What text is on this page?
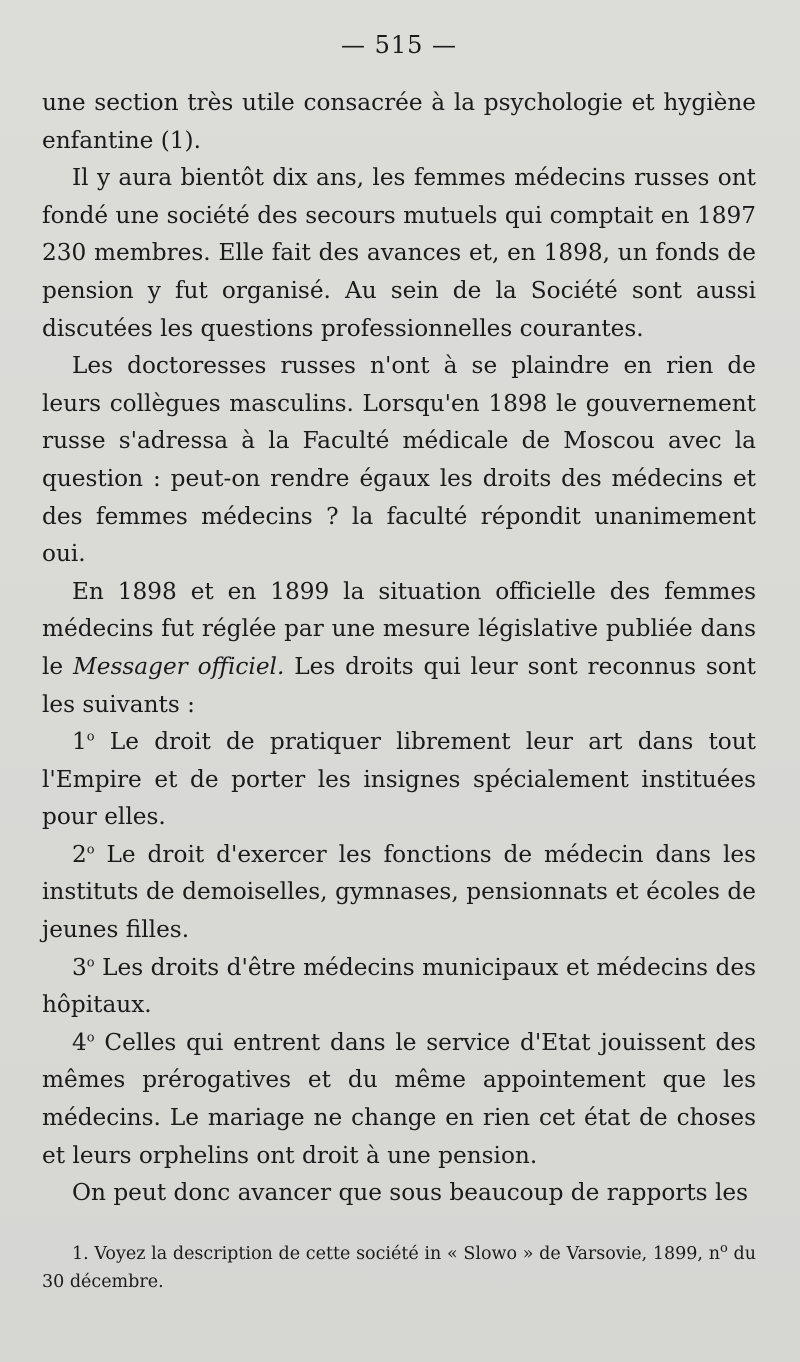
— 515 —

une section très utile consacrée à la psychologie et hygiène enfantine (1).

Il y aura bientôt dix ans, les femmes médecins russes ont fondé une société des secours mutuels qui comptait en 1897 230 membres. Elle fait des avances et, en 1898, un fonds de pension y fut organisé. Au sein de la Société sont aussi discutées les questions professionnelles courantes.

Les doctoresses russes n'ont à se plaindre en rien de leurs collègues masculins. Lorsqu'en 1898 le gouvernement russe s'adressa à la Faculté médicale de Moscou avec la question : peut-on rendre égaux les droits des médecins et des femmes médecins ? la faculté répondit unanimement oui.

En 1898 et en 1899 la situation officielle des femmes médecins fut réglée par une mesure législative publiée dans le Messager officiel. Les droits qui leur sont reconnus sont les suivants :

1$^o$ Le droit de pratiquer librement leur art dans tout l'Empire et de porter les insignes spécialement instituées pour elles.

2$^o$ Le droit d'exercer les fonctions de médecin dans les instituts de demoiselles, gymnases, pensionnats et écoles de jeunes filles.

3$^o$ Les droits d'être médecins municipaux et médecins des hôpitaux.

4$^o$ Celles qui entrent dans le service d'Etat jouissent des mêmes prérogatives et du même appointement que les médecins. Le mariage ne change en rien cet état de choses et leurs orphelins ont droit à une pension.

On peut donc avancer que sous beaucoup de rapports les

1. Voyez la description de cette société in « Slowo » de Varsovie, 1899, $n^o$ du 30 décembre.
